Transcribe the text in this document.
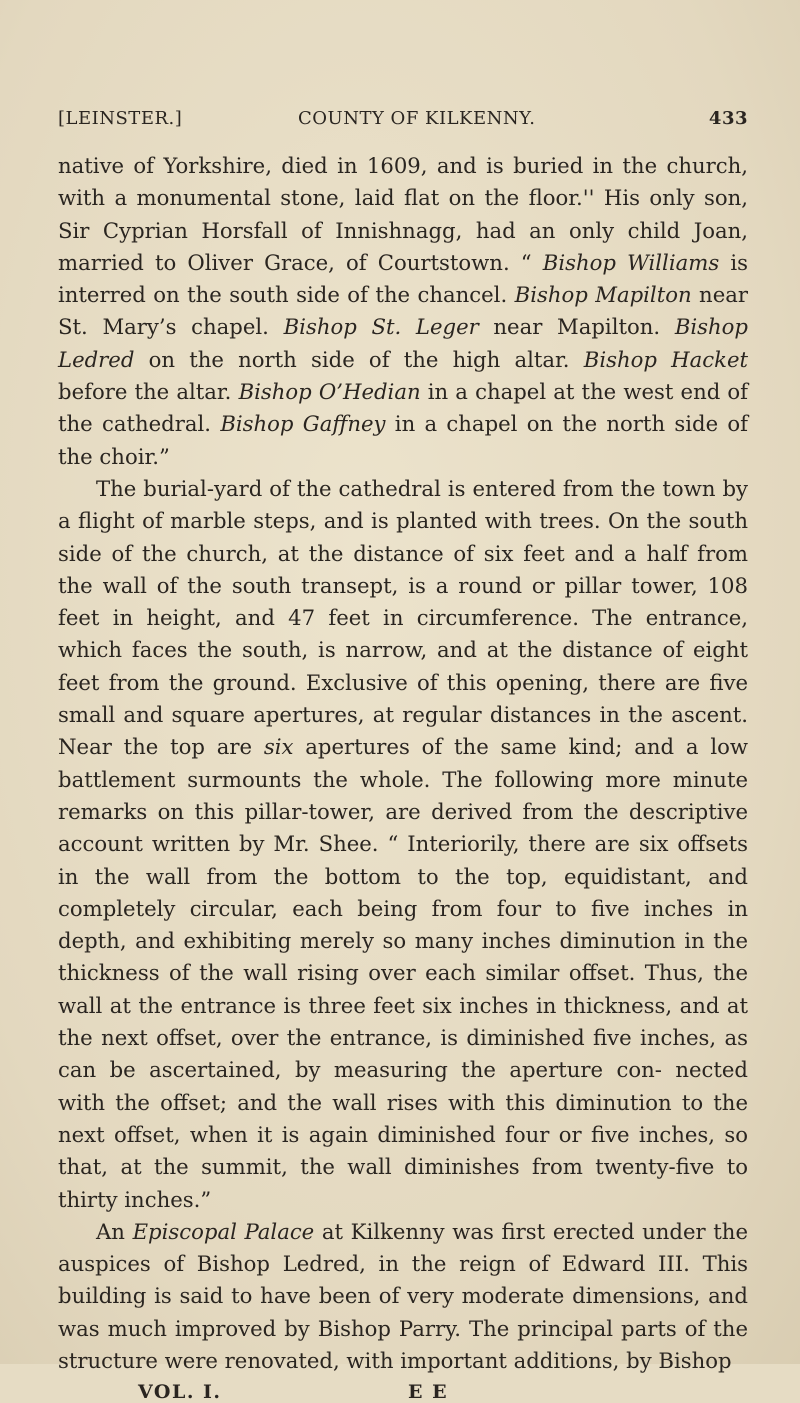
[LEINSTER.]	COUNTY OF KILKENNY.	433

native of Yorkshire, died in 1609, and is buried in the church, with a monumental stone, laid flat on the floor.'' His only son, Sir Cyprian Horsfall of Innishnagg, had an only child Joan, married to Oliver Grace, of Courtstown. “ Bishop Williams is interred on the south side of the chancel. Bishop Mapilton near St. Mary’s chapel. Bishop St. Leger near Mapilton. Bishop Ledred on the north side of the high altar. Bishop Hacket before the altar. Bishop O’Hedian in a chapel at the west end of the cathedral. Bishop Gaffney in a chapel on the north side of the choir.”

The burial-yard of the cathedral is entered from the town by a flight of marble steps, and is planted with trees. On the south side of the church, at the distance of six feet and a half from the wall of the south transept, is a round or pillar tower, 108 feet in height, and 47 feet in circumference. The entrance, which faces the south, is narrow, and at the distance of eight feet from the ground. Exclusive of this opening, there are five small and square apertures, at regular distances in the ascent. Near the top are six apertures of the same kind; and a low battlement surmounts the whole. The following more minute remarks on this pillar-tower, are derived from the descriptive account written by Mr. Shee. “ Interiorily, there are six offsets in the wall from the bottom to the top, equidistant, and completely circular, each being from four to five inches in depth, and exhibiting merely so many inches diminution in the thickness of the wall rising over each similar offset. Thus, the wall at the entrance is three feet six inches in thickness, and at the next offset, over the entrance, is diminished five inches, as can be ascertained, by measuring the aperture con- nected with the offset; and the wall rises with this diminution to the next offset, when it is again diminished four or five inches, so that, at the summit, the wall diminishes from twenty-five to thirty inches.”

An Episcopal Palace at Kilkenny was first erected under the auspices of Bishop Ledred, in the reign of Edward III. This building is said to have been of very moderate dimensions, and was much improved by Bishop Parry. The principal parts of the structure were renovated, with important additions, by Bishop

VOL. I.	E E
